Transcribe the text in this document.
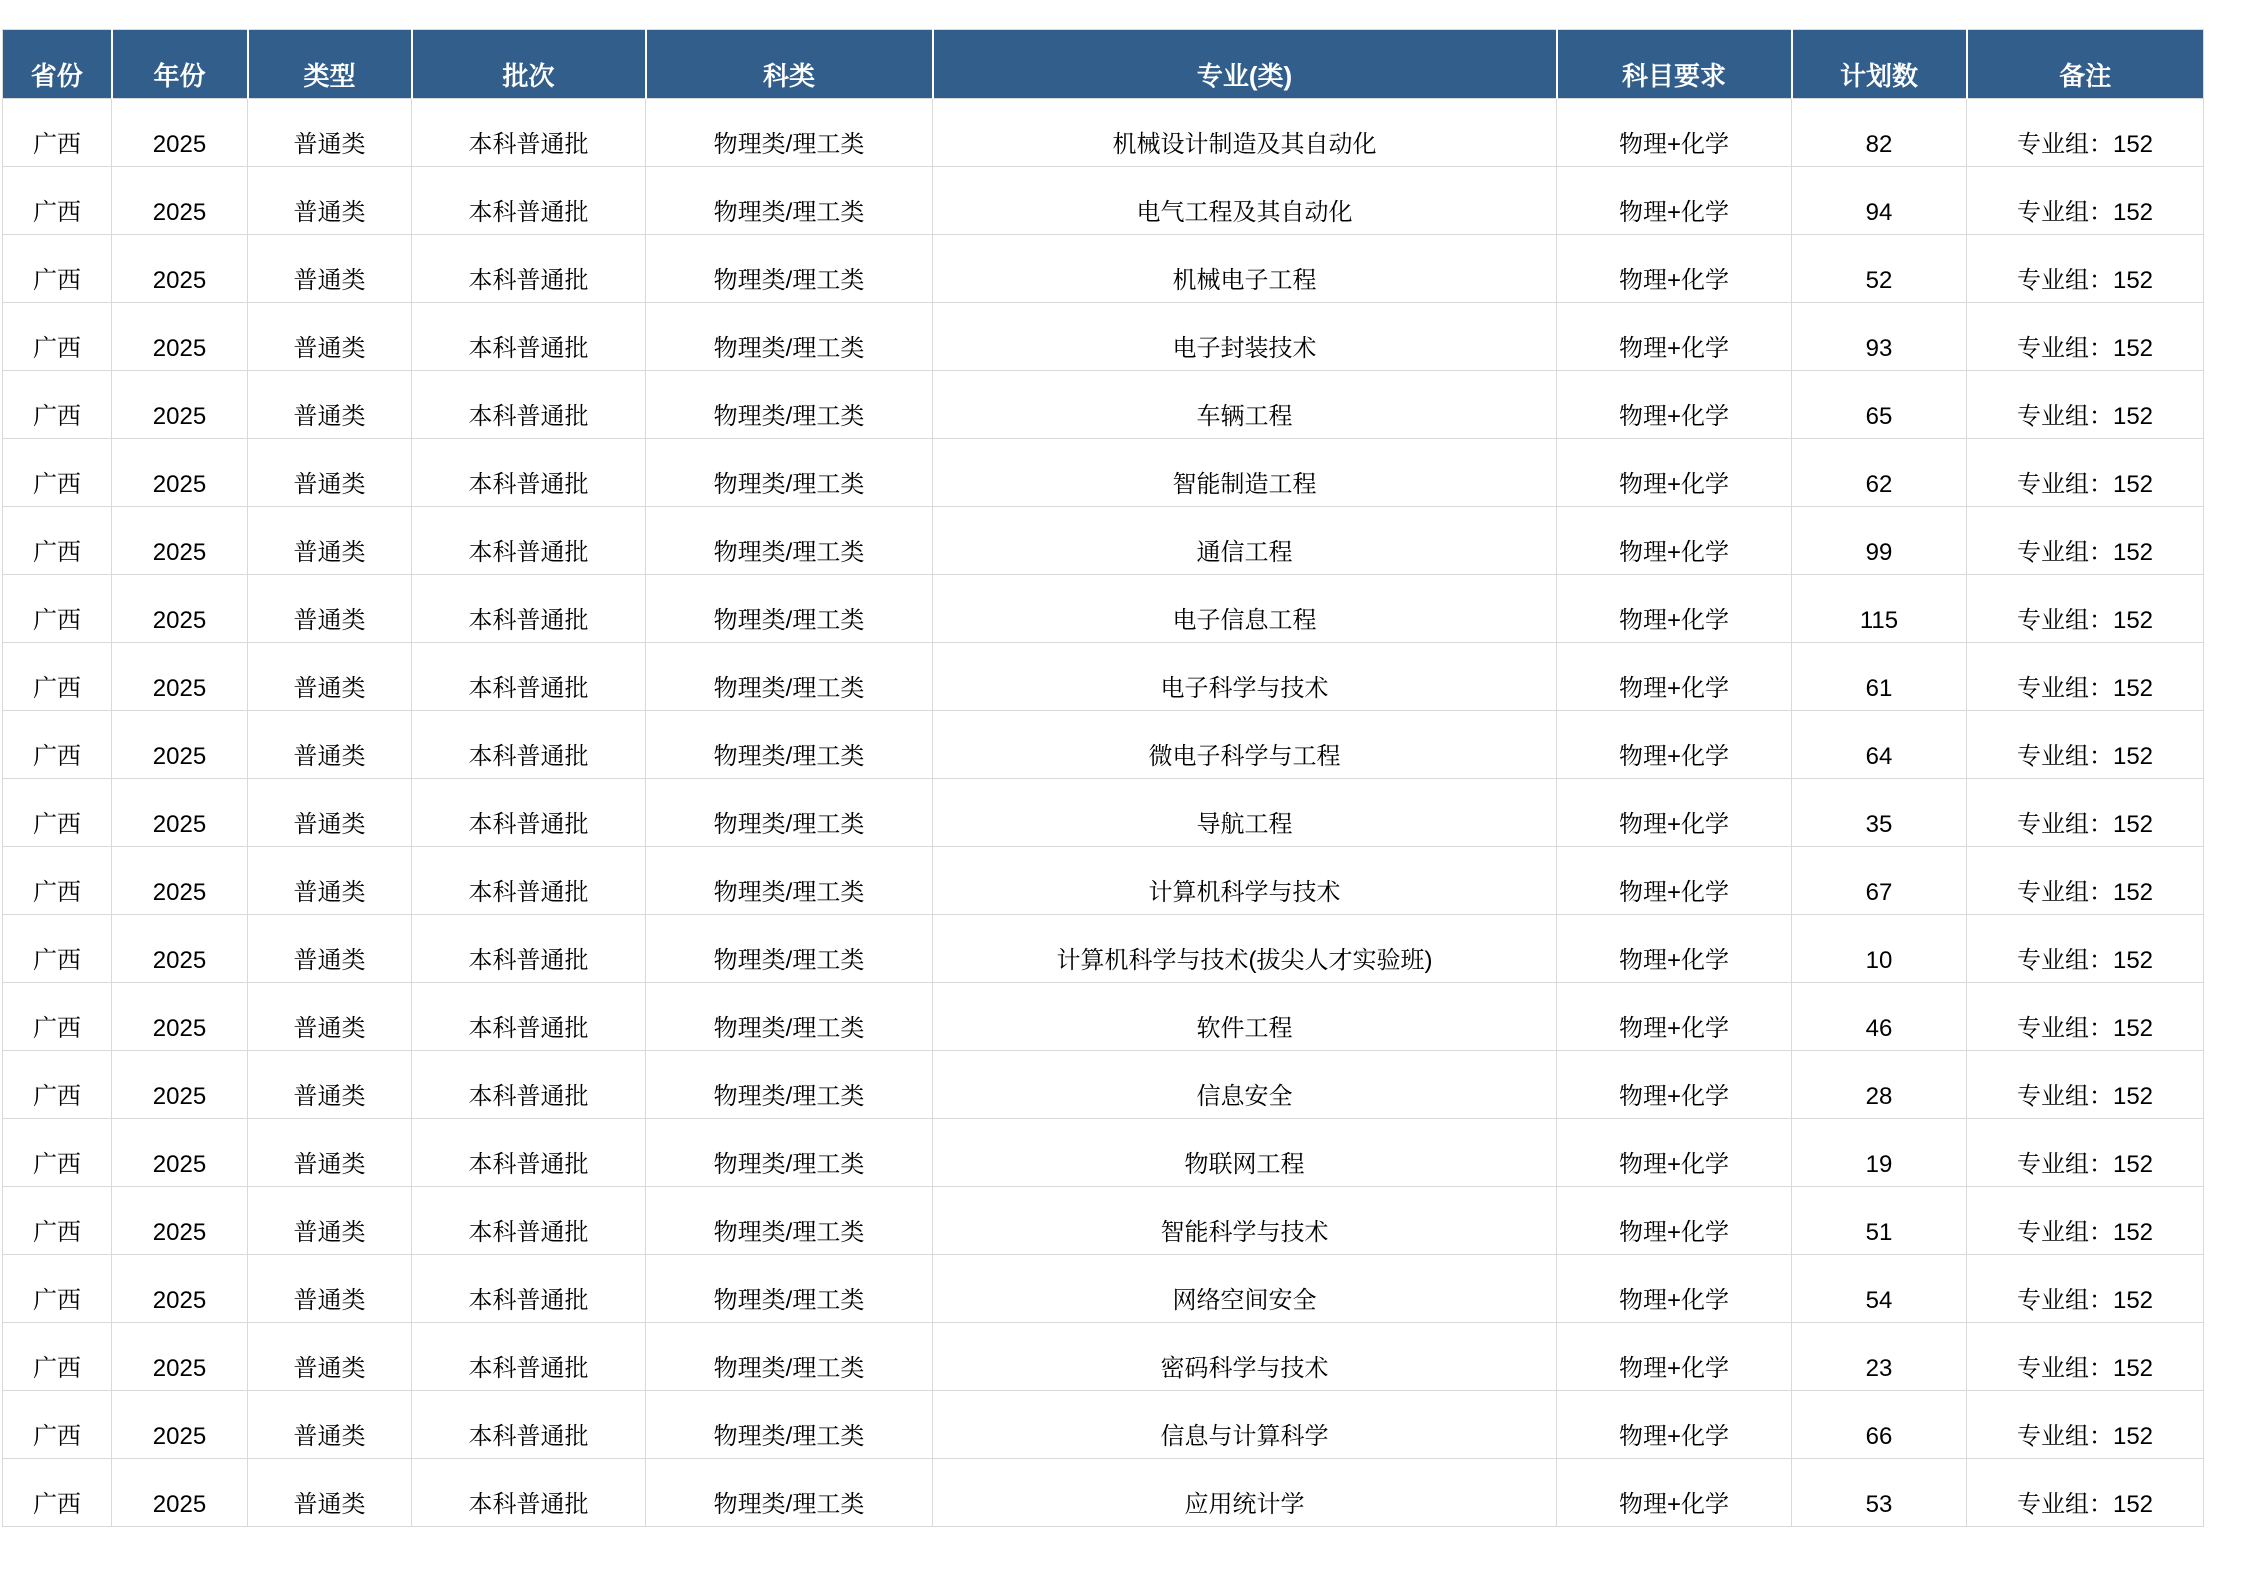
省份	年份	类型	批次	科类	专业(类)	科目要求	计划数	备注
广西	2025	普通类	本科普通批	物理类/理工类	机械设计制造及其自动化	物理+化学	82	专业组：152
广西	2025	普通类	本科普通批	物理类/理工类	电气工程及其自动化	物理+化学	94	专业组：152
广西	2025	普通类	本科普通批	物理类/理工类	机械电子工程	物理+化学	52	专业组：152
广西	2025	普通类	本科普通批	物理类/理工类	电子封装技术	物理+化学	93	专业组：152
广西	2025	普通类	本科普通批	物理类/理工类	车辆工程	物理+化学	65	专业组：152
广西	2025	普通类	本科普通批	物理类/理工类	智能制造工程	物理+化学	62	专业组：152
广西	2025	普通类	本科普通批	物理类/理工类	通信工程	物理+化学	99	专业组：152
广西	2025	普通类	本科普通批	物理类/理工类	电子信息工程	物理+化学	115	专业组：152
广西	2025	普通类	本科普通批	物理类/理工类	电子科学与技术	物理+化学	61	专业组：152
广西	2025	普通类	本科普通批	物理类/理工类	微电子科学与工程	物理+化学	64	专业组：152
广西	2025	普通类	本科普通批	物理类/理工类	导航工程	物理+化学	35	专业组：152
广西	2025	普通类	本科普通批	物理类/理工类	计算机科学与技术	物理+化学	67	专业组：152
广西	2025	普通类	本科普通批	物理类/理工类	计算机科学与技术(拔尖人才实验班)	物理+化学	10	专业组：152
广西	2025	普通类	本科普通批	物理类/理工类	软件工程	物理+化学	46	专业组：152
广西	2025	普通类	本科普通批	物理类/理工类	信息安全	物理+化学	28	专业组：152
广西	2025	普通类	本科普通批	物理类/理工类	物联网工程	物理+化学	19	专业组：152
广西	2025	普通类	本科普通批	物理类/理工类	智能科学与技术	物理+化学	51	专业组：152
广西	2025	普通类	本科普通批	物理类/理工类	网络空间安全	物理+化学	54	专业组：152
广西	2025	普通类	本科普通批	物理类/理工类	密码科学与技术	物理+化学	23	专业组：152
广西	2025	普通类	本科普通批	物理类/理工类	信息与计算科学	物理+化学	66	专业组：152
广西	2025	普通类	本科普通批	物理类/理工类	应用统计学	物理+化学	53	专业组：152
